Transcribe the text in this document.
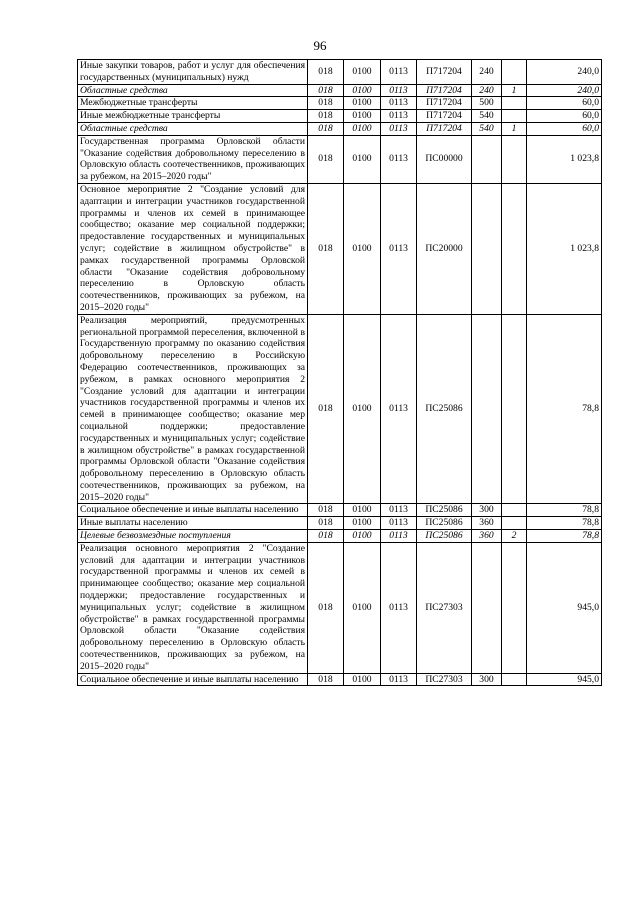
96
Иные закупки товаров, работ и услуг для обеспечения государственных (муниципальных) нужд	018	0100	0113	П717204	240		240,0
Областные средства	018	0100	0113	П717204	240	1	240,0
Межбюджетные трансферты	018	0100	0113	П717204	500		60,0
Иные межбюджетные трансферты	018	0100	0113	П717204	540		60,0
Областные средства	018	0100	0113	П717204	540	1	60,0
Государственная программа Орловской области "Оказание содействия добровольному переселению в Орловскую область соотечественников, проживающих за рубежом, на 2015–2020 годы"	018	0100	0113	ПС00000			1 023,8
Основное мероприятие 2 "Создание условий для адаптации и интеграции участников государственной программы и членов их семей в принимающее сообщество; оказание мер социальной поддержки; предоставление государственных и муниципальных услуг; содействие в жилищном обустройстве" в рамках государственной программы Орловской области "Оказание содействия добровольному переселению в Орловскую область соотечественников, проживающих за рубежом, на 2015–2020 годы"	018	0100	0113	ПС20000			1 023,8
Реализация мероприятий, предусмотренных региональной программой переселения, включенной в Государственную программу по оказанию содействия добровольному переселению в Российскую Федерацию соотечественников, проживающих за рубежом, в рамках основного мероприятия 2 "Создание условий для адаптации и интеграции участников государственной программы и членов их семей в принимающее сообщество; оказание мер социальной поддержки; предоставление государственных и муниципальных услуг; содействие в жилищном обустройстве" в рамках государственной программы Орловской области "Оказание содействия добровольному переселению в Орловскую область соотечественников, проживающих за рубежом, на 2015–2020 годы"	018	0100	0113	ПС25086			78,8
Социальное обеспечение и иные выплаты населению	018	0100	0113	ПС25086	300		78,8
Иные выплаты населению	018	0100	0113	ПС25086	360		78,8
Целевые безвозмездные поступления	018	0100	0113	ПС25086	360	2	78,8
Реализация основного мероприятия 2 "Создание условий для адаптации и интеграции участников государственной программы и членов их семей в принимающее сообщество; оказание мер социальной поддержки; предоставление государственных и муниципальных услуг; содействие в жилищном обустройстве" в рамках государственной программы Орловской области "Оказание содействия добровольному переселению в Орловскую область соотечественников, проживающих за рубежом, на 2015–2020 годы"	018	0100	0113	ПС27303			945,0
Социальное обеспечение и иные выплаты населению	018	0100	0113	ПС27303	300		945,0
